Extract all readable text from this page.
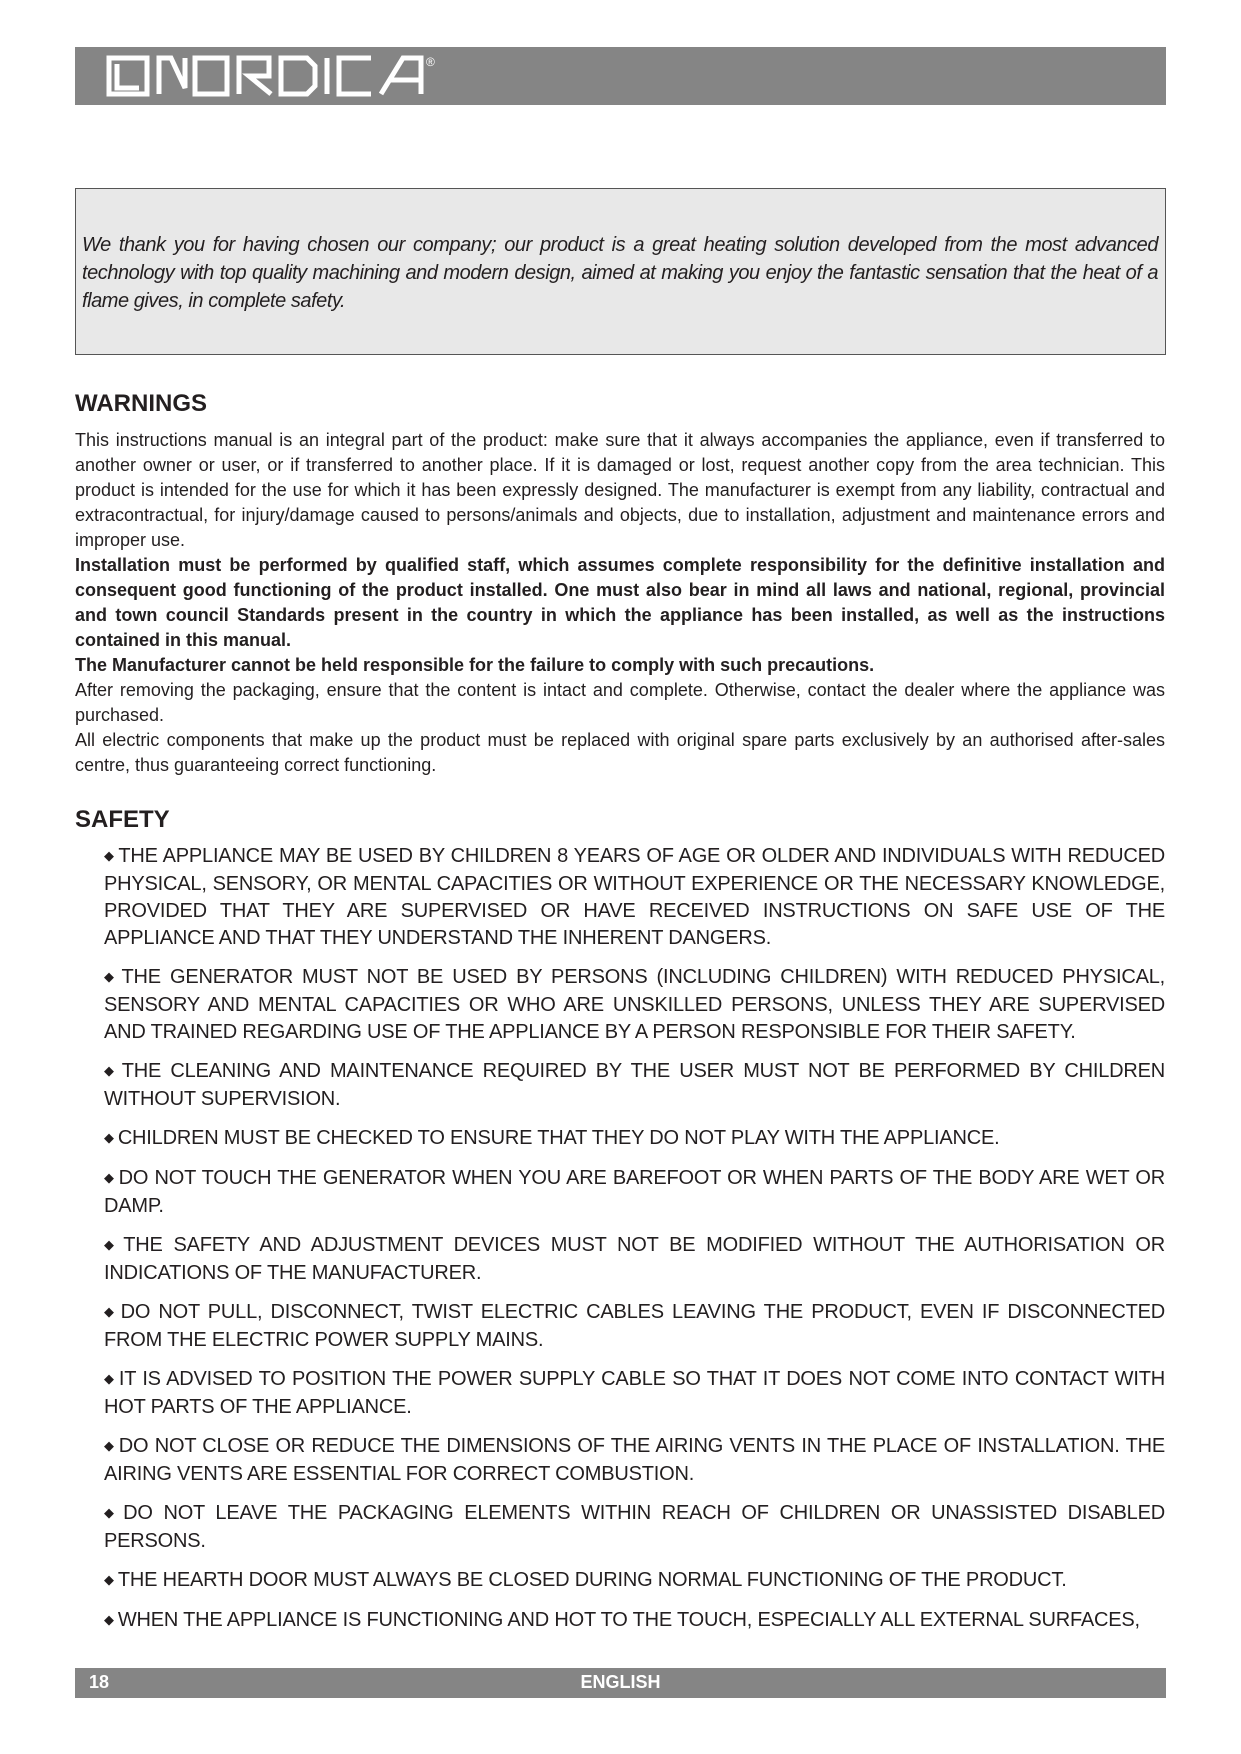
®

We thank you for having chosen our company; our product is a great heating solution developed from the most advanced technology with top quality machining and modern design, aimed at making you enjoy the fantastic sensation that the heat of a flame gives, in complete safety.

WARNINGS

This instructions manual is an integral part of the product: make sure that it always accompanies the appliance, even if transferred to another owner or user, or if transferred to another place. If it is damaged or lost, request another copy from the area technician. This product is intended for the use for which it has been expressly designed. The manufacturer is exempt from any liability, contractual and extracontractual, for injury/damage caused to persons/animals and objects, due to installation, adjustment and maintenance errors and improper use.

Installation must be performed by qualified staff, which assumes complete responsibility for the definitive installation and consequent good functioning of the product installed. One must also bear in mind all laws and national, regional, provincial and town council Standards present in the country in which the appliance has been installed, as well as the instructions contained in this manual.

The Manufacturer cannot be held responsible for the failure to comply with such precautions.

After removing the packaging, ensure that the content is intact and complete. Otherwise, contact the dealer where the appliance was purchased.

All electric components that make up the product must be replaced with original spare parts exclusively by an authorised after-sales centre, thus guaranteeing correct functioning.

SAFETY
◆ THE APPLIANCE MAY BE USED BY CHILDREN 8 YEARS OF AGE OR OLDER AND INDIVIDUALS WITH REDUCED PHYSICAL, SENSORY, OR MENTAL CAPACITIES OR WITHOUT EXPERIENCE OR THE NECESSARY KNOWLEDGE, PROVIDED THAT THEY ARE SUPERVISED OR HAVE RECEIVED INSTRUCTIONS ON SAFE USE OF THE APPLIANCE AND THAT THEY UNDERSTAND THE INHERENT DANGERS.
◆ THE GENERATOR MUST NOT BE USED BY PERSONS (INCLUDING CHILDREN) WITH REDUCED PHYSICAL, SENSORY AND MENTAL CAPACITIES OR WHO ARE UNSKILLED PERSONS, UNLESS THEY ARE SUPERVISED AND TRAINED REGARDING USE OF THE APPLIANCE BY A PERSON RESPONSIBLE FOR THEIR SAFETY.
◆ THE CLEANING AND MAINTENANCE REQUIRED BY THE USER MUST NOT BE PERFORMED BY CHILDREN WITHOUT SUPERVISION.
◆ CHILDREN MUST BE CHECKED TO ENSURE THAT THEY DO NOT PLAY WITH THE APPLIANCE.
◆ DO NOT TOUCH THE GENERATOR WHEN YOU ARE BAREFOOT OR WHEN PARTS OF THE BODY ARE WET OR DAMP.
◆ THE SAFETY AND ADJUSTMENT DEVICES MUST NOT BE MODIFIED WITHOUT THE AUTHORISATION OR INDICATIONS OF THE MANUFACTURER.
◆ DO NOT PULL, DISCONNECT, TWIST ELECTRIC CABLES LEAVING THE PRODUCT, EVEN IF DISCONNECTED FROM THE ELECTRIC POWER SUPPLY MAINS.
◆ IT IS ADVISED TO POSITION THE POWER SUPPLY CABLE SO THAT IT DOES NOT COME INTO CONTACT WITH HOT PARTS OF THE APPLIANCE.
◆ DO NOT CLOSE OR REDUCE THE DIMENSIONS OF THE AIRING VENTS IN THE PLACE OF INSTALLATION. THE AIRING VENTS ARE ESSENTIAL FOR CORRECT COMBUSTION.
◆ DO NOT LEAVE THE PACKAGING ELEMENTS WITHIN REACH OF CHILDREN OR UNASSISTED DISABLED PERSONS.
◆ THE HEARTH DOOR MUST ALWAYS BE CLOSED DURING NORMAL FUNCTIONING OF THE PRODUCT.
◆ WHEN THE APPLIANCE IS FUNCTIONING AND HOT TO THE TOUCH, ESPECIALLY ALL EXTERNAL SURFACES,
18	ENGLISH
